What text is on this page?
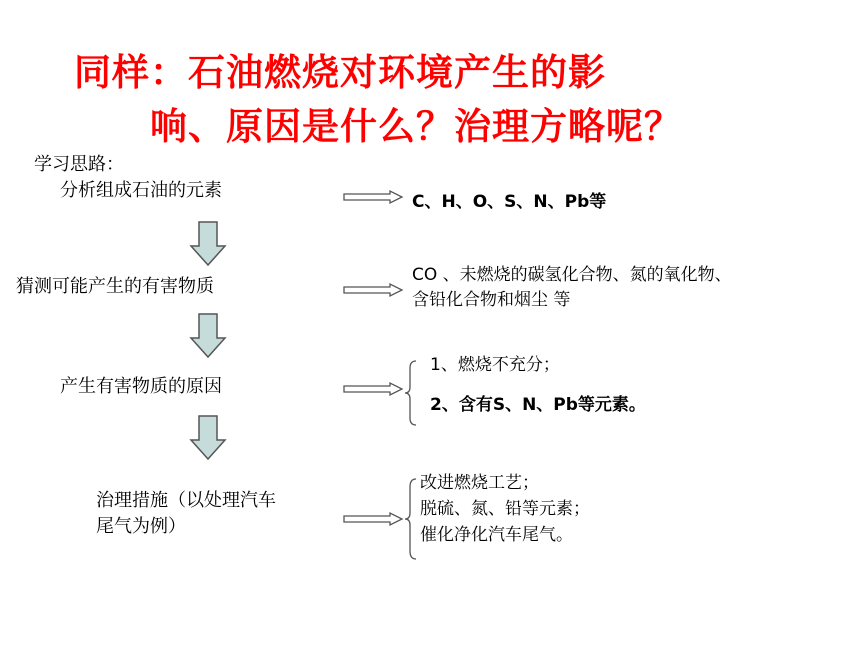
同样：石油燃烧对环境产生的影
响、原因是什么？治理方略呢？
学习思路：
分析组成石油的元素
猜测可能产生的有害物质
产生有害物质的原因
治理措施（以处理汽车
尾气为例）
C、H、O、S、N、Pb等
CO 、未燃烧的碳氢化合物、氮的氧化物、
含铅化合物和烟尘 等
1、燃烧不充分；
2、含有S、N、Pb等元素。
改进燃烧工艺；
脱硫、氮、铅等元素；
催化净化汽车尾气。
